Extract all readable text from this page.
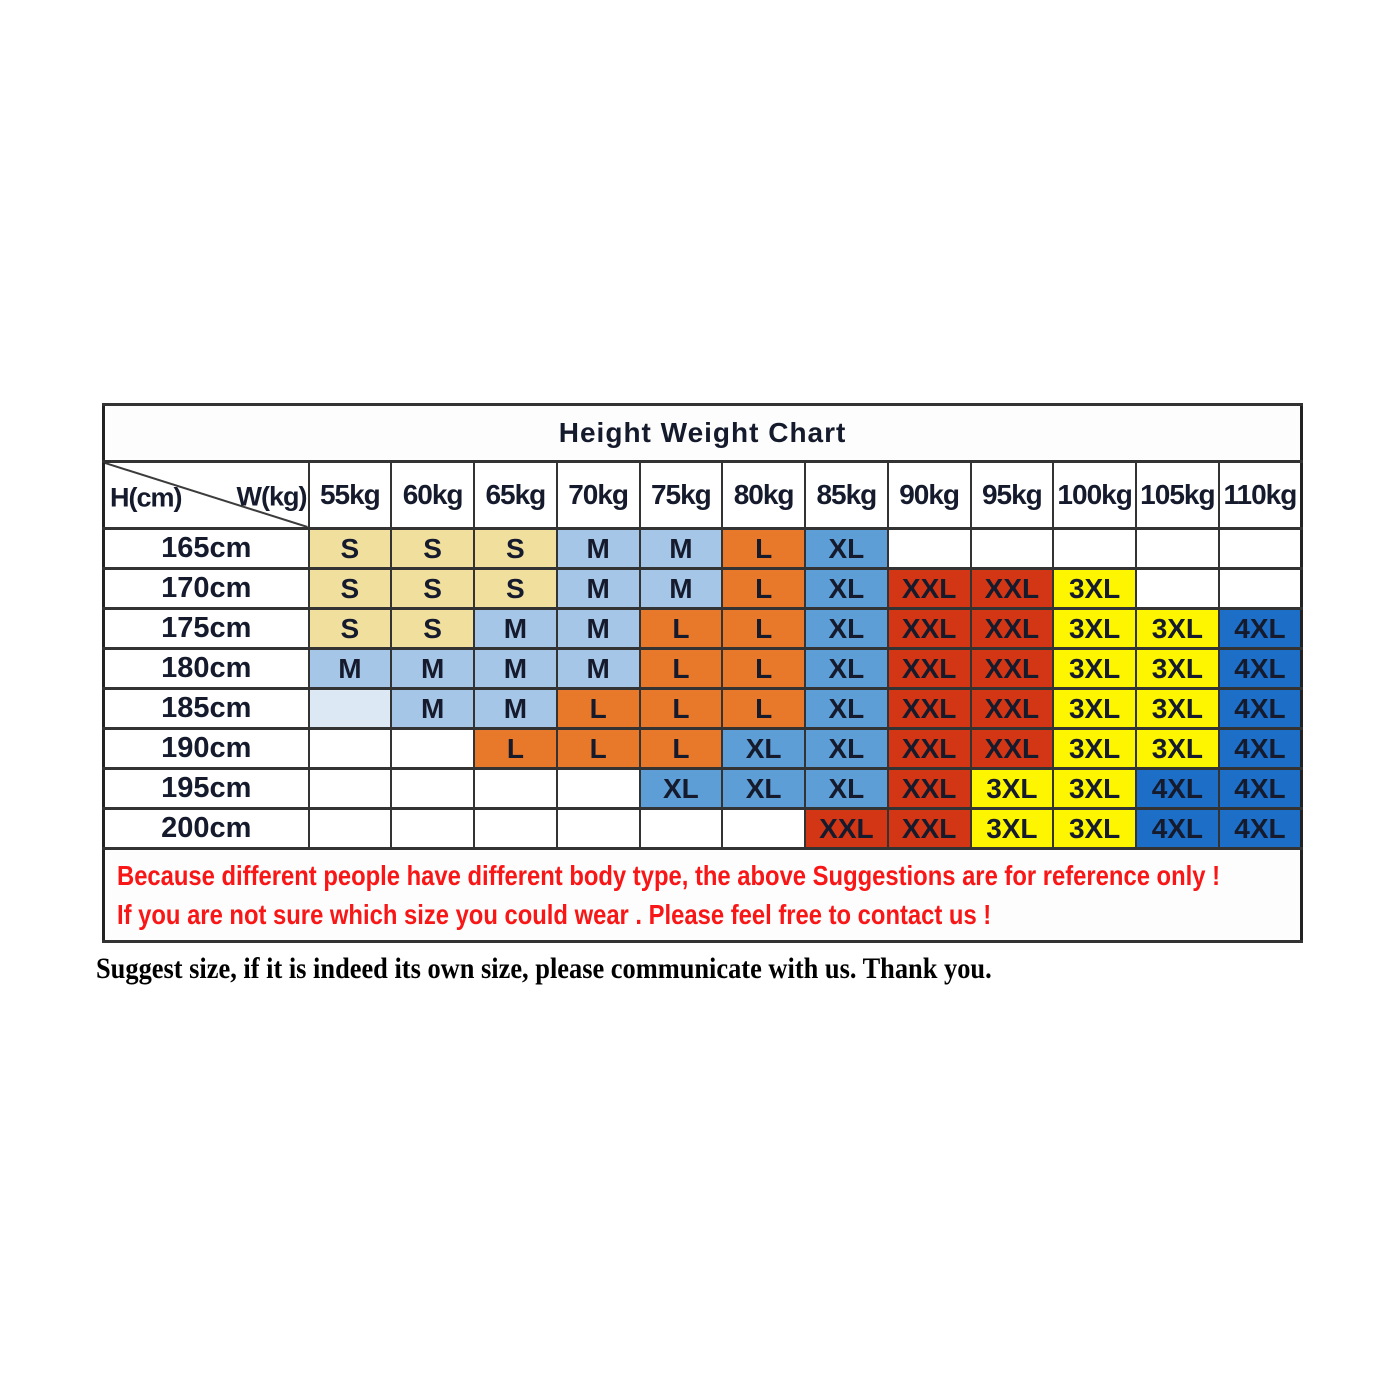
Height Weight Chart												

H(cm) W(kg)	55kg	60kg	65kg	70kg	75kg	80kg	85kg	90kg	95kg	100kg	105kg	110kg
165cm	S	S	S	M	M	L	XL					
170cm	S	S	S	M	M	L	XL	XXL	XXL	3XL		
175cm	S	S	M	M	L	L	XL	XXL	XXL	3XL	3XL	4XL
180cm	M	M	M	M	L	L	XL	XXL	XXL	3XL	3XL	4XL
185cm		M	M	L	L	L	XL	XXL	XXL	3XL	3XL	4XL
190cm			L	L	L	XL	XL	XXL	XXL	3XL	3XL	4XL
195cm					XL	XL	XL	XXL	3XL	3XL	4XL	4XL
200cm							XXL	XXL	3XL	3XL	4XL	4XL

Because different people have different body type, the above Suggestions are for reference only !
If you are not sure which size you could wear . Please feel free to contact us !												
Suggest size, if it is indeed its own size, please communicate with us. Thank you.
